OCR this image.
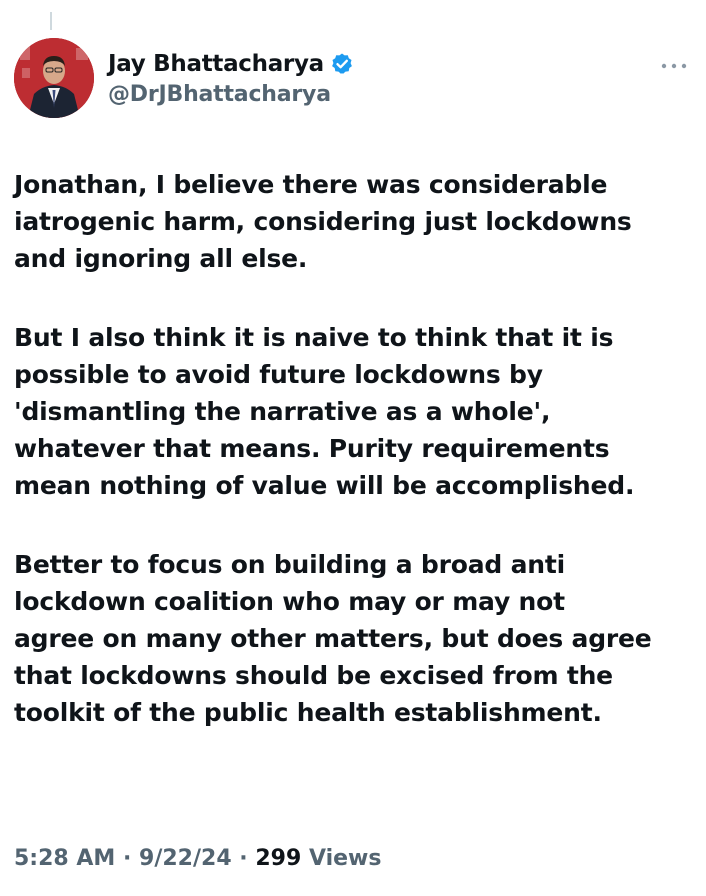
Jay Bhattacharya
@DrJBhattacharya

Jonathan, I believe there was considerable
iatrogenic harm, considering just lockdowns
and ignoring all else.

But I also think it is naive to think that it is
possible to avoid future lockdowns by
'dismantling the narrative as a whole',
whatever that means. Purity requirements
mean nothing of value will be accomplished.

Better to focus on building a broad anti
lockdown coalition who may or may not
agree on many other matters, but does agree
that lockdowns should be excised from the
toolkit of the public health establishment.

5:28 AM · 9/22/24 · 299 Views
